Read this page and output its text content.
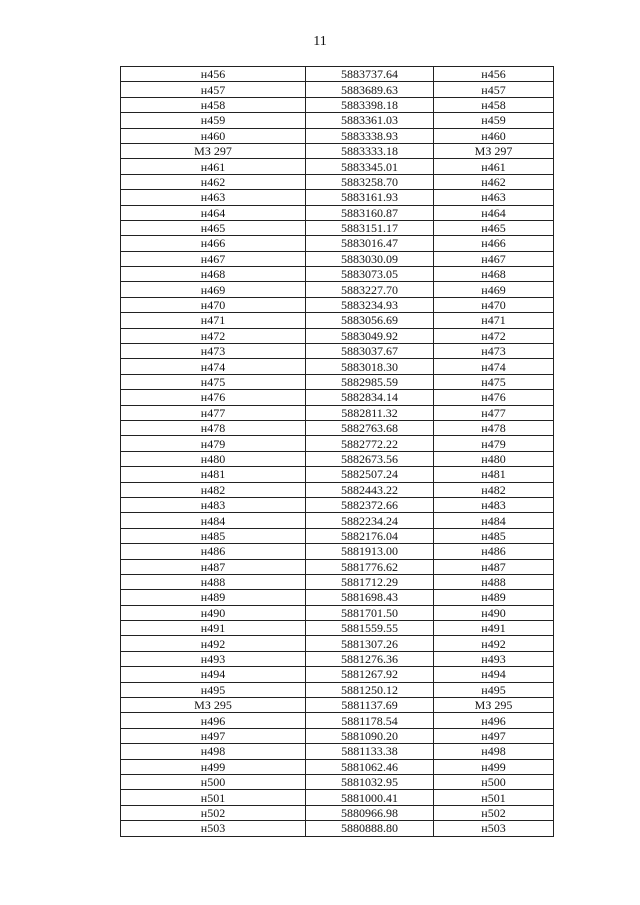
11
н456	5883737.64	н456
н457	5883689.63	н457
н458	5883398.18	н458
н459	5883361.03	н459
н460	5883338.93	н460
МЗ 297	5883333.18	МЗ 297
н461	5883345.01	н461
н462	5883258.70	н462
н463	5883161.93	н463
н464	5883160.87	н464
н465	5883151.17	н465
н466	5883016.47	н466
н467	5883030.09	н467
н468	5883073.05	н468
н469	5883227.70	н469
н470	5883234.93	н470
н471	5883056.69	н471
н472	5883049.92	н472
н473	5883037.67	н473
н474	5883018.30	н474
н475	5882985.59	н475
н476	5882834.14	н476
н477	5882811.32	н477
н478	5882763.68	н478
н479	5882772.22	н479
н480	5882673.56	н480
н481	5882507.24	н481
н482	5882443.22	н482
н483	5882372.66	н483
н484	5882234.24	н484
н485	5882176.04	н485
н486	5881913.00	н486
н487	5881776.62	н487
н488	5881712.29	н488
н489	5881698.43	н489
н490	5881701.50	н490
н491	5881559.55	н491
н492	5881307.26	н492
н493	5881276.36	н493
н494	5881267.92	н494
н495	5881250.12	н495
МЗ 295	5881137.69	МЗ 295
н496	5881178.54	н496
н497	5881090.20	н497
н498	5881133.38	н498
н499	5881062.46	н499
н500	5881032.95	н500
н501	5881000.41	н501
н502	5880966.98	н502
н503	5880888.80	н503
